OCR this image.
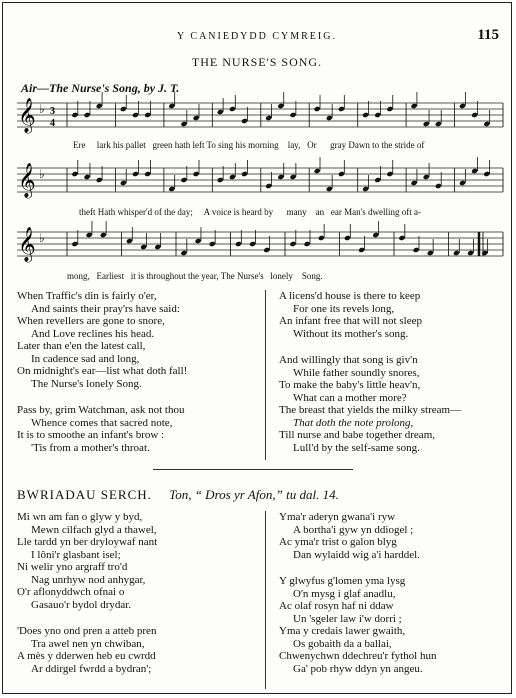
Y CANIEDYDD CYMREIG.	115
THE NURSE'S SONG.
Air—The Nurse's Song, by J. T.
𝄞 ♭ 3
4
𝄞 ♭
𝄞 ♭
Ere lark his pallet green hath left To sing his morning lay, Or gray Dawn to the stride of
theft Hath whisper'd of the day; A voice is heard by many an ear Man's dwelling oft a-
mong, Earliest it is throughout the year, The Nurse's lonely Song.
When Traffic's din is fairly o'er,
And saints their pray'rs have said:
When revellers are gone to snore,
And Love reclines his head.
Later than e'en the latest call,
In cadence sad and long,
On midnight's ear—list what doth fall!
The Nurse's lonely Song.
Pass by, grim Watchman, ask not thou
Whence comes that sacred note,
It is to smoothe an infant's brow :
'Tis from a mother's throat.
A licens'd house is there to keep
For one its revels long,
An infant free that will not sleep
Without its mother's song.
And willingly that song is giv'n
While father soundly snores,
To make the baby's little heav'n,
What can a mother more?
The breast that yields the milky stream—
That doth the note prolong,
Till nurse and babe together dream,
Lull'd by the self-same song.
BWRIADAU SERCH. Ton, “ Dros yr Afon,” tu dal. 14.
Mi wn am fan o glyw y byd,
Mewn cilfach glyd a thawel,
Lle tardd yn ber dryloywaf nant
I lôni'r glasbant isel;
Ni welir yno argraff tro'd
Nag unrhyw nod anhygar,
O'r aflonyddwch ofnai o
Gasauo'r bydol drydar.
'Does yno ond pren a atteb pren
Tra awel nen yn chwiban,
A mès y dderwen heb eu cwrdd
Ar ddirgel fwrdd a bydran';
Yma'r aderyn gwana'i ryw
A bortha'i gyw yn ddiogel ;
Ac yma'r trist o galon blyg
Dan wylaidd wig a'i harddel.
Y glwyfus g'lomen yma lysg
O'n mysg i glaf anadlu,
Ac olaf rosyn haf ni ddaw
Un 'sgeler law i'w dorri ;
Yma y credais lawer gwaith,
Os gobaith da a ballai,
Chwenychwn ddechreu'r fythol hun
Ga' pob rhyw ddyn yn angeu.
